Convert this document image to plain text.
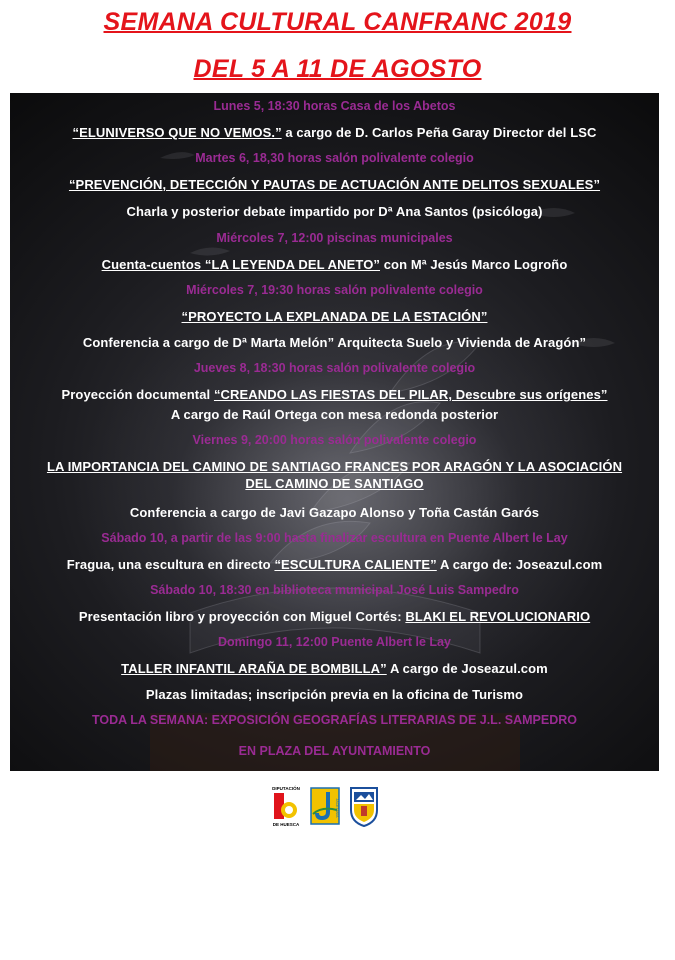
SEMANA CULTURAL CANFRANC 2019
DEL 5 A 11 DE AGOSTO
Lunes 5, 18:30 horas Casa de los Abetos
“ELUNIVERSO QUE NO VEMOS.” a cargo de D. Carlos Peña Garay Director del LSC
Martes 6, 18,30 horas salón polivalente colegio
“PREVENCIÓN, DETECCIÓN Y PAUTAS DE ACTUACIÓN ANTE DELITOS SEXUALES”
Charla y posterior debate impartido por Dª Ana Santos (psicóloga)
Miércoles 7, 12:00 piscinas municipales
Cuenta-cuentos “LA LEYENDA DEL ANETO” con Mª Jesús Marco Logroño
Miércoles 7, 19:30 horas salón polivalente colegio
“PROYECTO LA EXPLANADA DE LA ESTACIÓN”
Conferencia a cargo de Dª Marta Melón” Arquitecta Suelo y Vivienda de Aragón”
Jueves 8, 18:30 horas salón polivalente colegio
Proyección documental “CREANDO LAS FIESTAS DEL PILAR, Descubre sus orígenes”
A cargo de Raúl Ortega con mesa redonda posterior
Viernes 9, 20:00 horas salón polivalente colegio
LA IMPORTANCIA DEL CAMINO DE SANTIAGO FRANCES POR ARAGÓN Y LA ASOCIACIÓN DEL CAMINO DE SANTIAGO
Conferencia a cargo de Javi Gazapo Alonso y Toña Castán Garós
Sábado 10, a partir de las 9:00 hasta finalizar escultura en Puente Albert le Lay
Fragua, una escultura en directo “ESCULTURA CALIENTE” A cargo de: Joseazul.com
Sábado 10, 18:30 en biblioteca municipal José Luis Sampedro
Presentación libro y proyección con Miguel Cortés: BLAKI EL REVOLUCIONARIO
Domingo 11, 12:00 Puente Albert le Lay
TALLER INFANTIL ARAÑA DE BOMBILLA” A cargo de Joseazul.com
Plazas limitadas; inscripción previa en la oficina de Turismo
TODA LA SEMANA: EXPOSICIÓN GEOGRAFÍAS LITERARIAS DE J.L. SAMPEDRO
EN PLAZA DEL AYUNTAMIENTO
DIPUTACIÓN
DE HUESCA
JACETANIA
